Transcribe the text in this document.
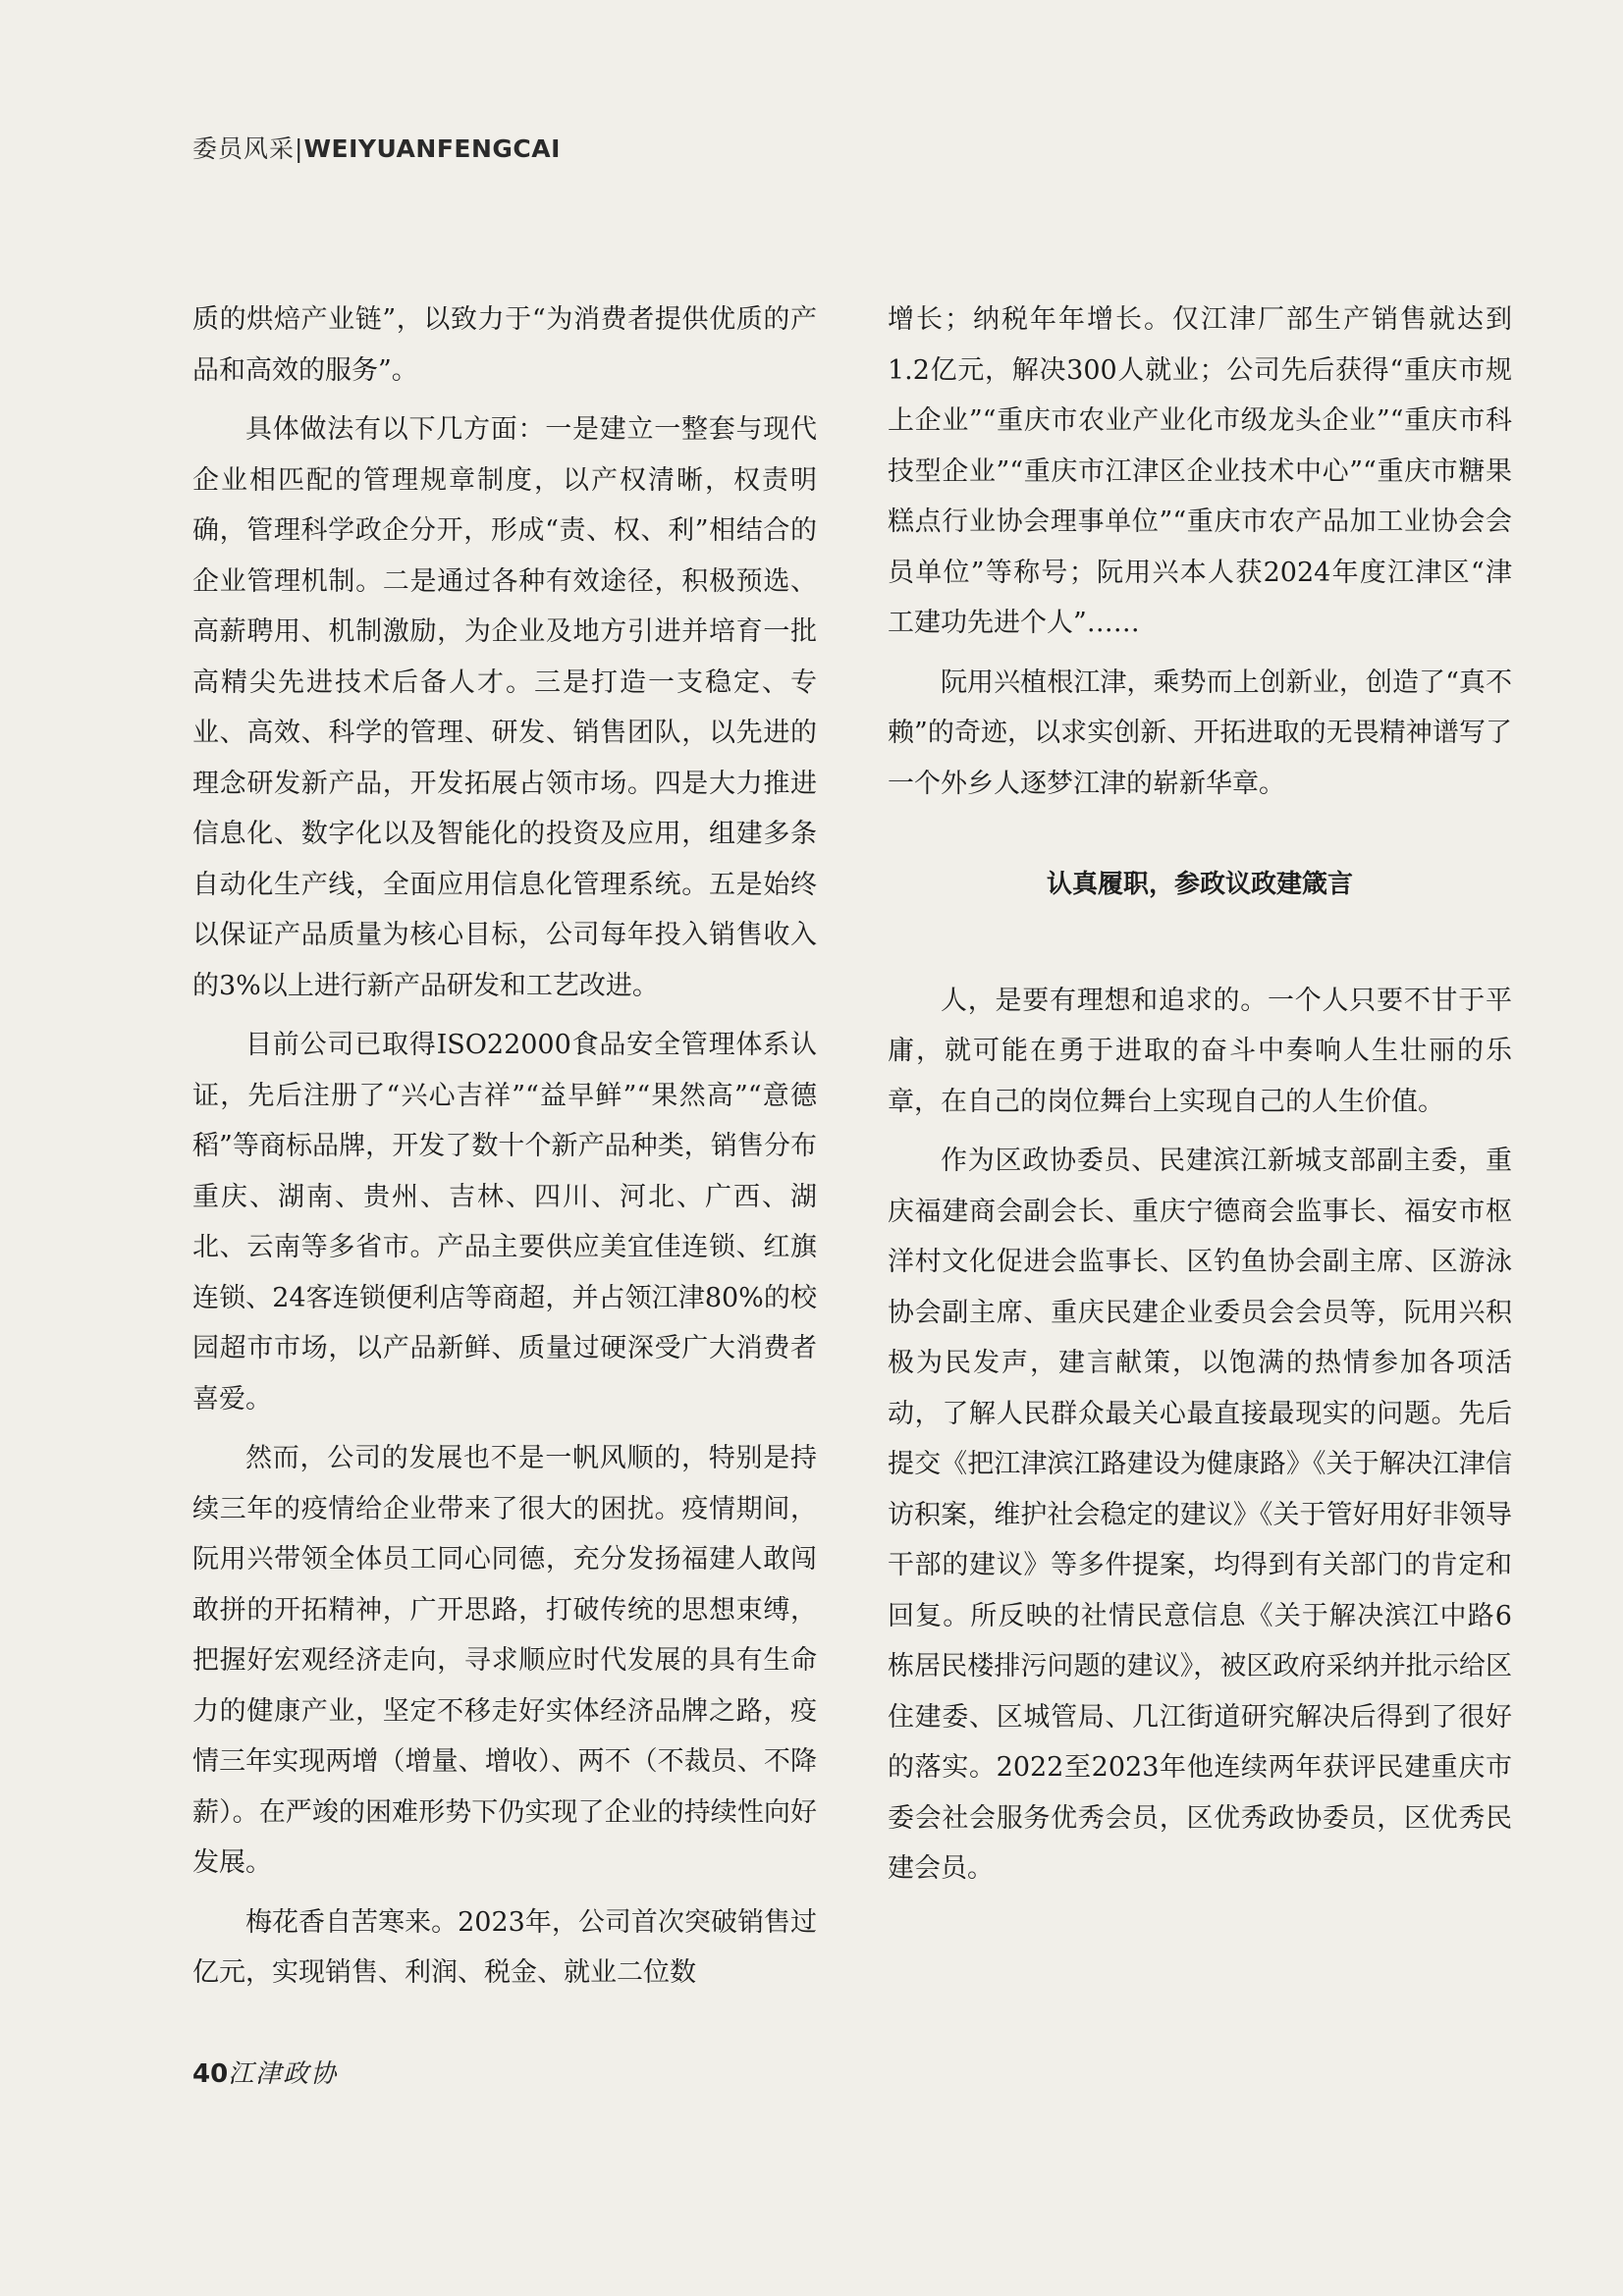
委员风采|WEIYUANFENGCAI

质的烘焙产业链”，以致力于“为消费者提供优质的产品和高效的服务”。

具体做法有以下几方面：一是建立一整套与现代企业相匹配的管理规章制度，以产权清晰，权责明确，管理科学政企分开，形成“责、权、利”相结合的企业管理机制。二是通过各种有效途径，积极预选、高薪聘用、机制激励，为企业及地方引进并培育一批高精尖先进技术后备人才。三是打造一支稳定、专业、高效、科学的管理、研发、销售团队，以先进的理念研发新产品，开发拓展占领市场。四是大力推进信息化、数字化以及智能化的投资及应用，组建多条自动化生产线，全面应用信息化管理系统。五是始终以保证产品质量为核心目标，公司每年投入销售收入的3%以上进行新产品研发和工艺改进。

目前公司已取得ISO22000食品安全管理体系认证，先后注册了“兴心吉祥”“益早鲜”“果然高”“意德稻”等商标品牌，开发了数十个新产品种类，销售分布重庆、湖南、贵州、吉林、四川、河北、广西、湖北、云南等多省市。产品主要供应美宜佳连锁、红旗连锁、24客连锁便利店等商超，并占领江津80%的校园超市市场，以产品新鲜、质量过硬深受广大消费者喜爱。

然而，公司的发展也不是一帆风顺的，特别是持续三年的疫情给企业带来了很大的困扰。疫情期间，阮用兴带领全体员工同心同德，充分发扬福建人敢闯敢拼的开拓精神，广开思路，打破传统的思想束缚，把握好宏观经济走向，寻求顺应时代发展的具有生命力的健康产业，坚定不移走好实体经济品牌之路，疫情三年实现两增（增量、增收）、两不（不裁员、不降薪）。在严竣的困难形势下仍实现了企业的持续性向好发展。

梅花香自苦寒来。2023年，公司首次突破销售过亿元，实现销售、利润、税金、就业二位数

增长；纳税年年增长。仅江津厂部生产销售就达到1.2亿元，解决300人就业；公司先后获得“重庆市规上企业”“重庆市农业产业化市级龙头企业”“重庆市科技型企业”“重庆市江津区企业技术中心”“重庆市糖果糕点行业协会理事单位”“重庆市农产品加工业协会会员单位”等称号；阮用兴本人获2024年度江津区“津工建功先进个人”……

阮用兴植根江津，乘势而上创新业，创造了“真不赖”的奇迹，以求实创新、开拓进取的无畏精神谱写了一个外乡人逐梦江津的崭新华章。

认真履职，参政议政建箴言

人，是要有理想和追求的。一个人只要不甘于平庸，就可能在勇于进取的奋斗中奏响人生壮丽的乐章，在自己的岗位舞台上实现自己的人生价值。

作为区政协委员、民建滨江新城支部副主委，重庆福建商会副会长、重庆宁德商会监事长、福安市枢洋村文化促进会监事长、区钓鱼协会副主席、区游泳协会副主席、重庆民建企业委员会会员等，阮用兴积极为民发声，建言献策，以饱满的热情参加各项活动，了解人民群众最关心最直接最现实的问题。先后提交《把江津滨江路建设为健康路》《关于解决江津信访积案，维护社会稳定的建议》《关于管好用好非领导干部的建议》等多件提案，均得到有关部门的肯定和回复。所反映的社情民意信息《关于解决滨江中路6栋居民楼排污问题的建议》，被区政府采纳并批示给区住建委、区城管局、几江街道研究解决后得到了很好的落实。2022至2023年他连续两年获评民建重庆市委会社会服务优秀会员，区优秀政协委员，区优秀民建会员。

40江津政协
